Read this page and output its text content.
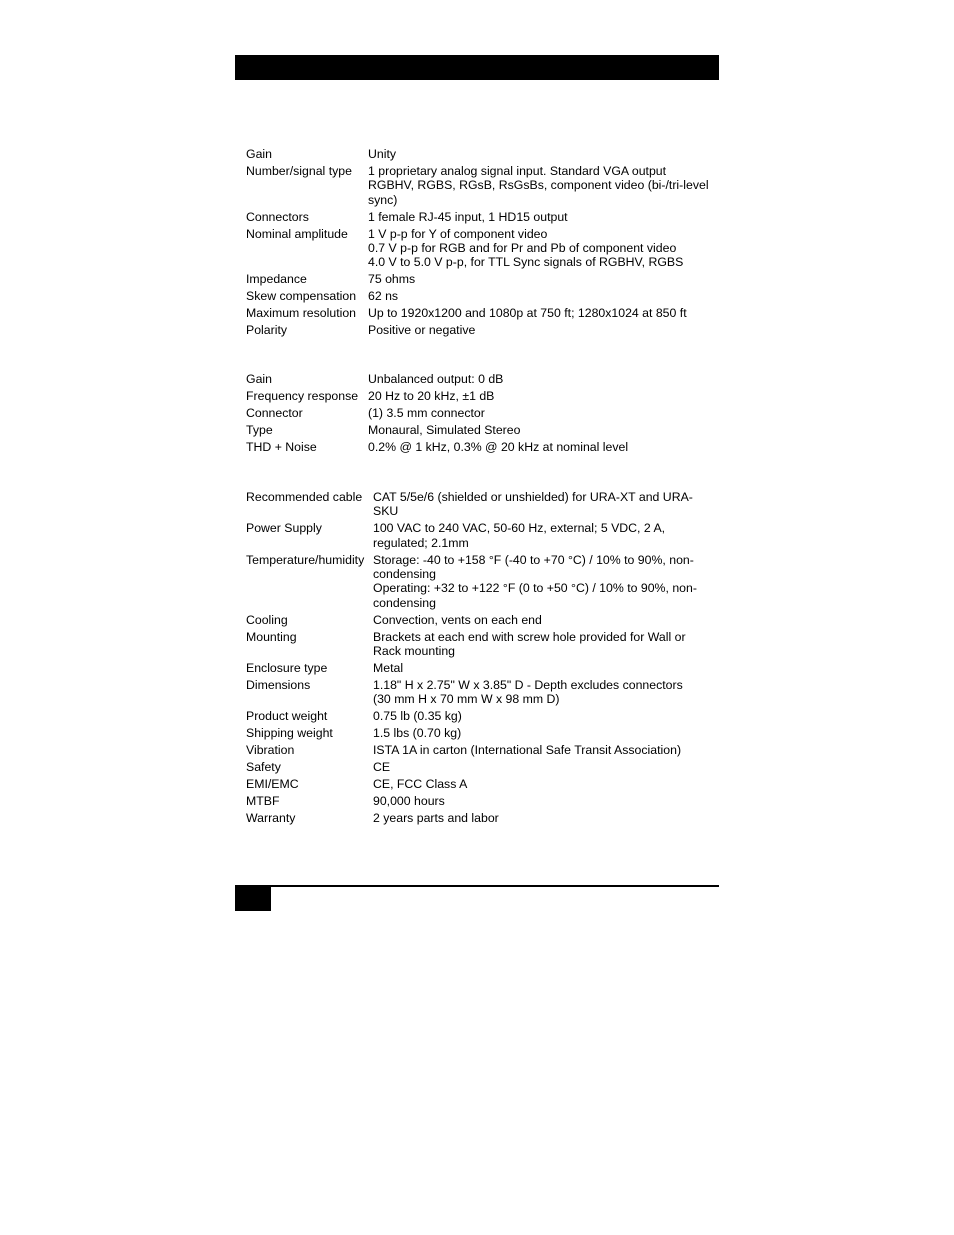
Gain	Unity
Number/signal type	1 proprietary analog signal input. Standard VGA output
RGBHV, RGBS, RGsB, RsGsBs, component video (bi-/tri-level
sync)
Connectors	1 female RJ-45 input, 1 HD15 output
Nominal amplitude	1 V p-p for Y of component video
0.7 V p-p for RGB and for Pr and Pb of component video
4.0 V to 5.0 V p-p, for TTL Sync signals of RGBHV, RGBS
Impedance	75 ohms
Skew compensation 62 ns
Maximum resolution Up to 1920x1200 and 1080p at 750 ft; 1280x1024 at 850 ft
Polarity	Positive or negative
Gain	Unbalanced output: 0 dB
Frequency response 20 Hz to 20 kHz, ±1 dB
Connector	(1) 3.5 mm connector
Type	Monaural, Simulated Stereo
THD + Noise	0.2% @ 1 kHz, 0.3% @ 20 kHz at nominal level
Recommended cable CAT 5/5e/6 (shielded or unshielded) for URA-XT and URA-
SKU
Power Supply	100 VAC to 240 VAC, 50-60 Hz, external; 5 VDC, 2 A,
regulated; 2.1mm
Temperature/humidity Storage: -40 to +158 °F (-40 to +70 °C) / 10% to 90%, non-
condensing
Operating: +32 to +122 °F (0 to +50 °C) / 10% to 90%, non-
condensing
Cooling	Convection, vents on each end
Mounting	Brackets at each end with screw hole provided for Wall or
Rack mounting
Enclosure type	Metal
Dimensions	1.18" H x 2.75" W x 3.85" D - Depth excludes connectors
(30 mm H x 70 mm W x 98 mm D)
Product weight	0.75 lb (0.35 kg)
Shipping weight	1.5 lbs (0.70 kg)
Vibration	ISTA 1A in carton (International Safe Transit Association)
Safety	CE
EMI/EMC	CE, FCC Class A
MTBF	90,000 hours
Warranty	2 years parts and labor
